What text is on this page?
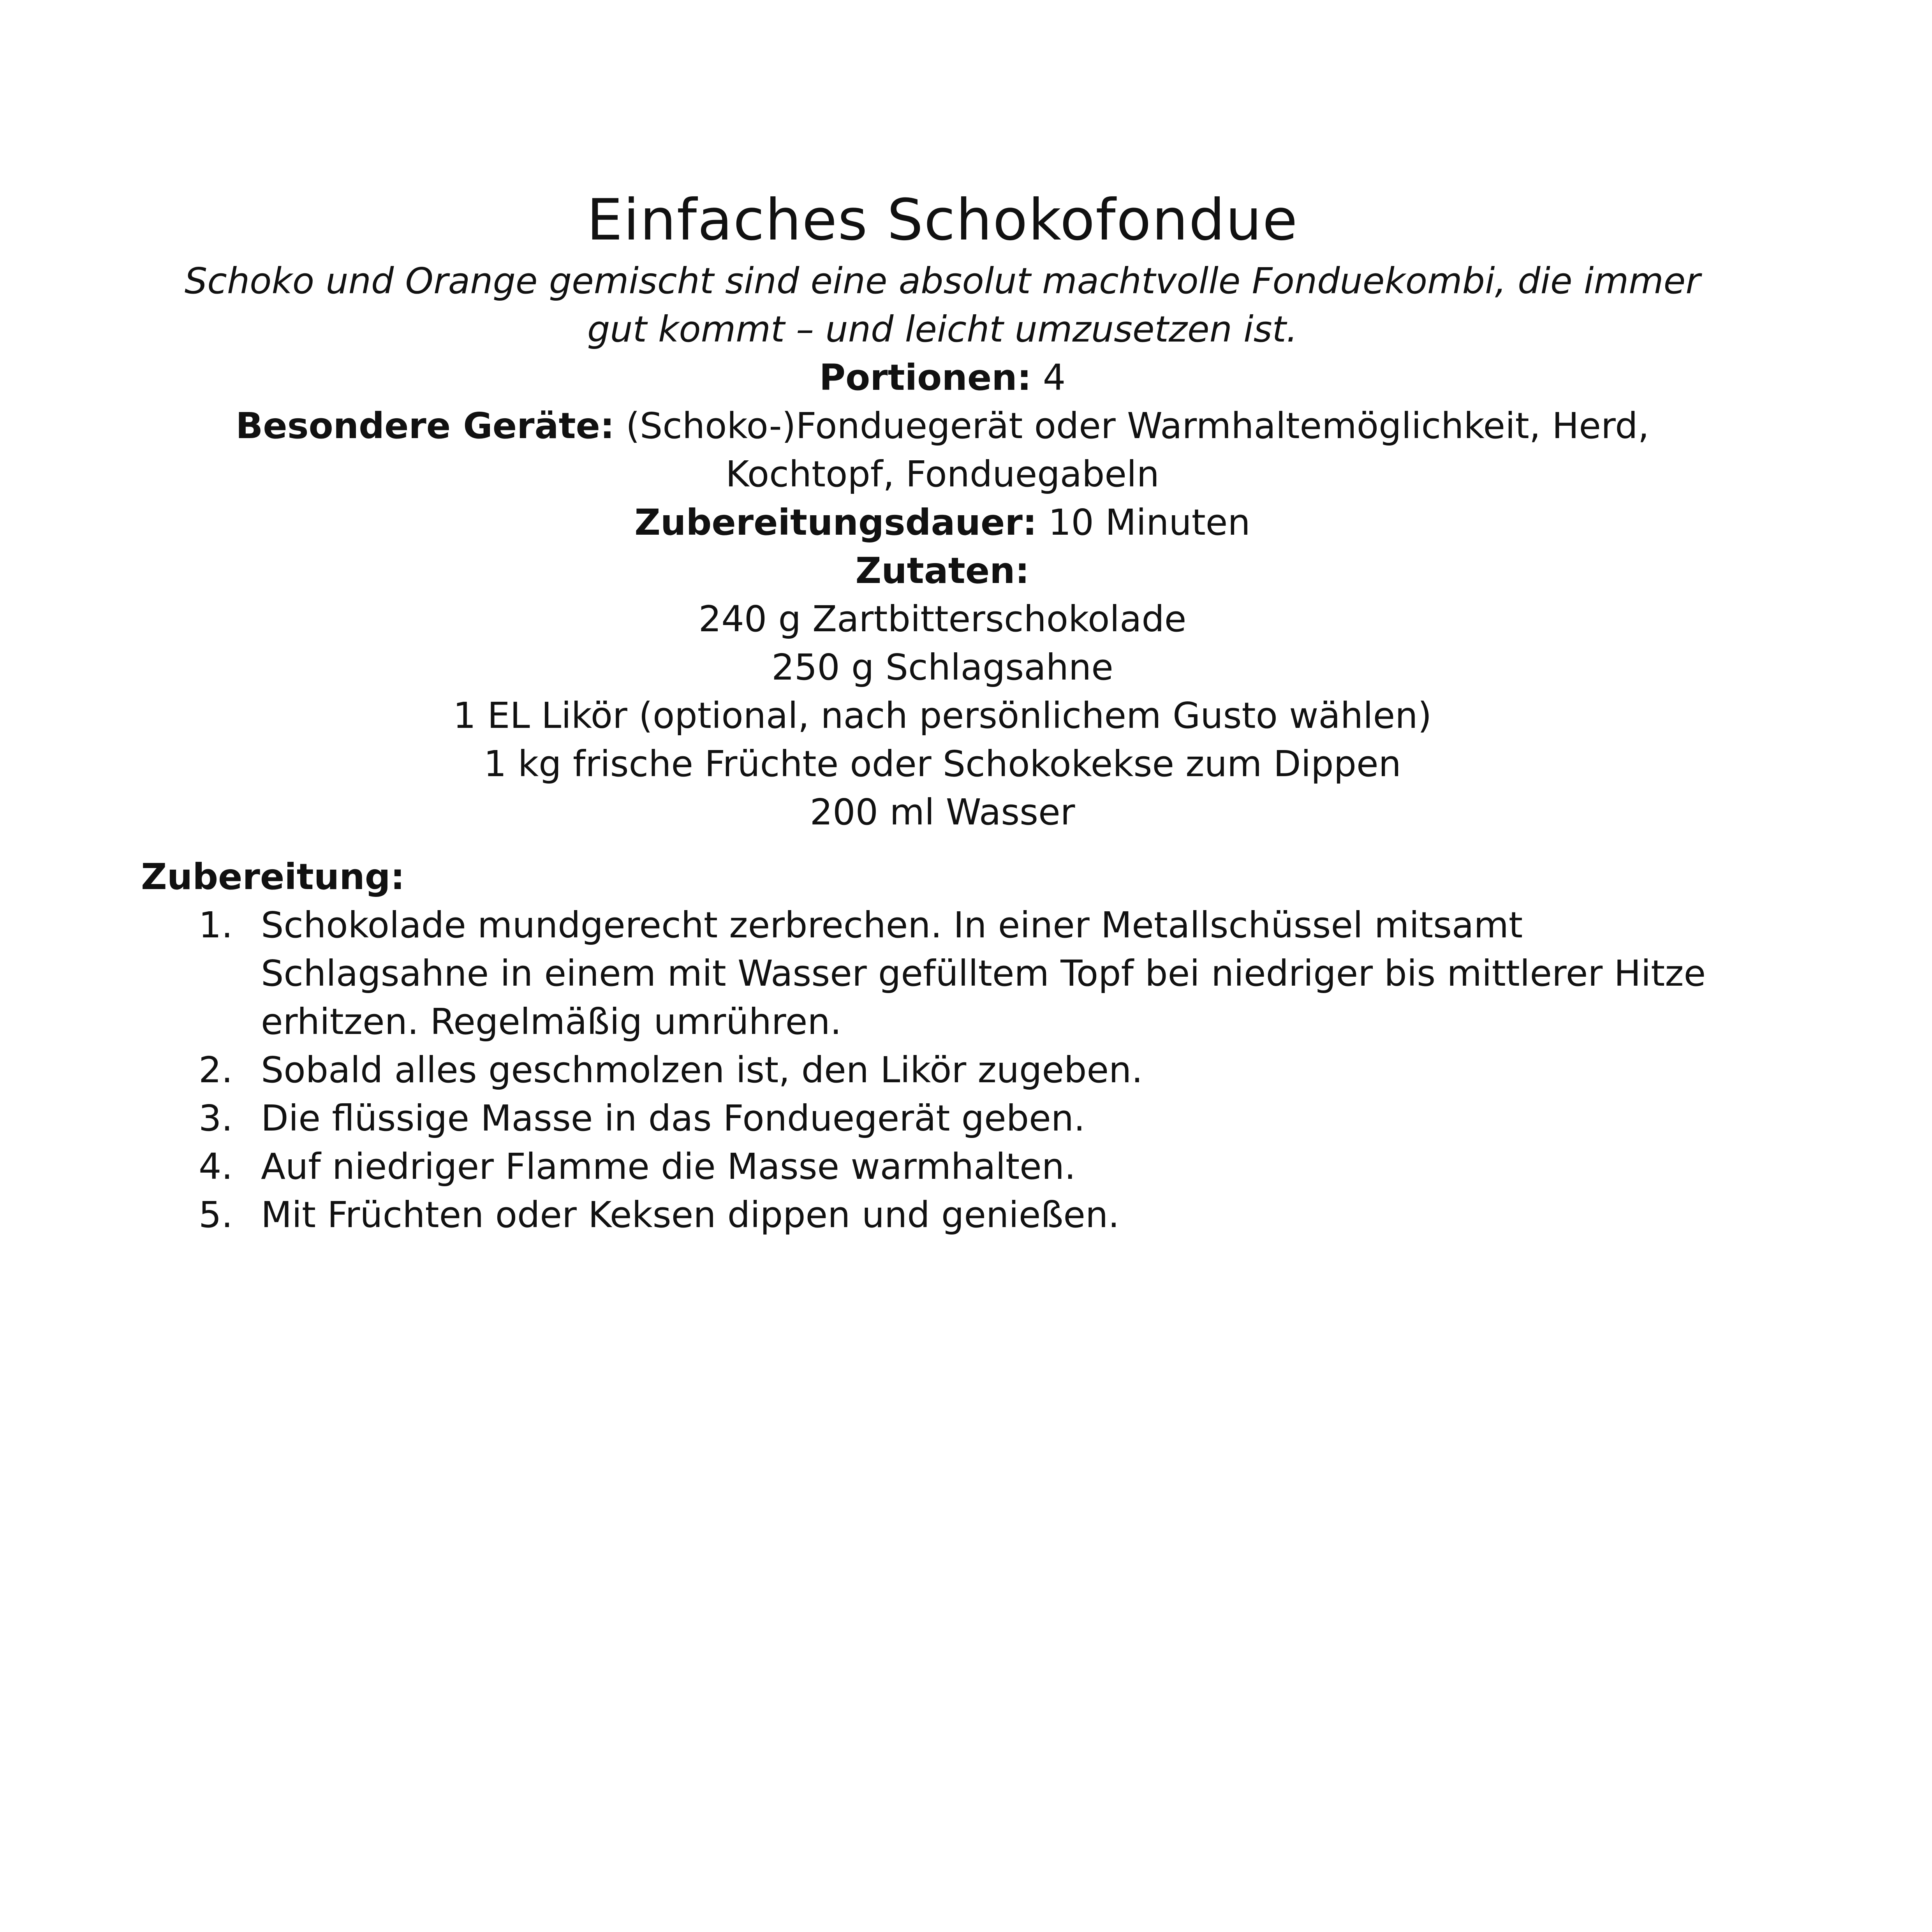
Einfaches Schokofondue

Schoko und Orange gemischt sind eine absolut machtvolle Fonduekombi, die immer gut kommt – und leicht umzusetzen ist.

Portionen: 4

Besondere Geräte: (Schoko-)Fonduegerät oder Warmhaltemöglichkeit, Herd, Kochtopf, Fonduegabeln

Zubereitungsdauer: 10 Minuten

Zutaten:

240 g Zartbitterschokolade
250 g Schlagsahne
1 EL Likör (optional, nach persönlichem Gusto wählen)
1 kg frische Früchte oder Schokokekse zum Dippen
200 ml Wasser

Zubereitung:

1. Schokolade mundgerecht zerbrechen. In einer Metallschüssel mitsamt Schlagsahne in einem mit Wasser gefülltem Topf bei niedriger bis mittlerer Hitze erhitzen. Regelmäßig umrühren.
2. Sobald alles geschmolzen ist, den Likör zugeben.
3. Die flüssige Masse in das Fonduegerät geben.
4. Auf niedriger Flamme die Masse warmhalten.
5. Mit Früchten oder Keksen dippen und genießen.
